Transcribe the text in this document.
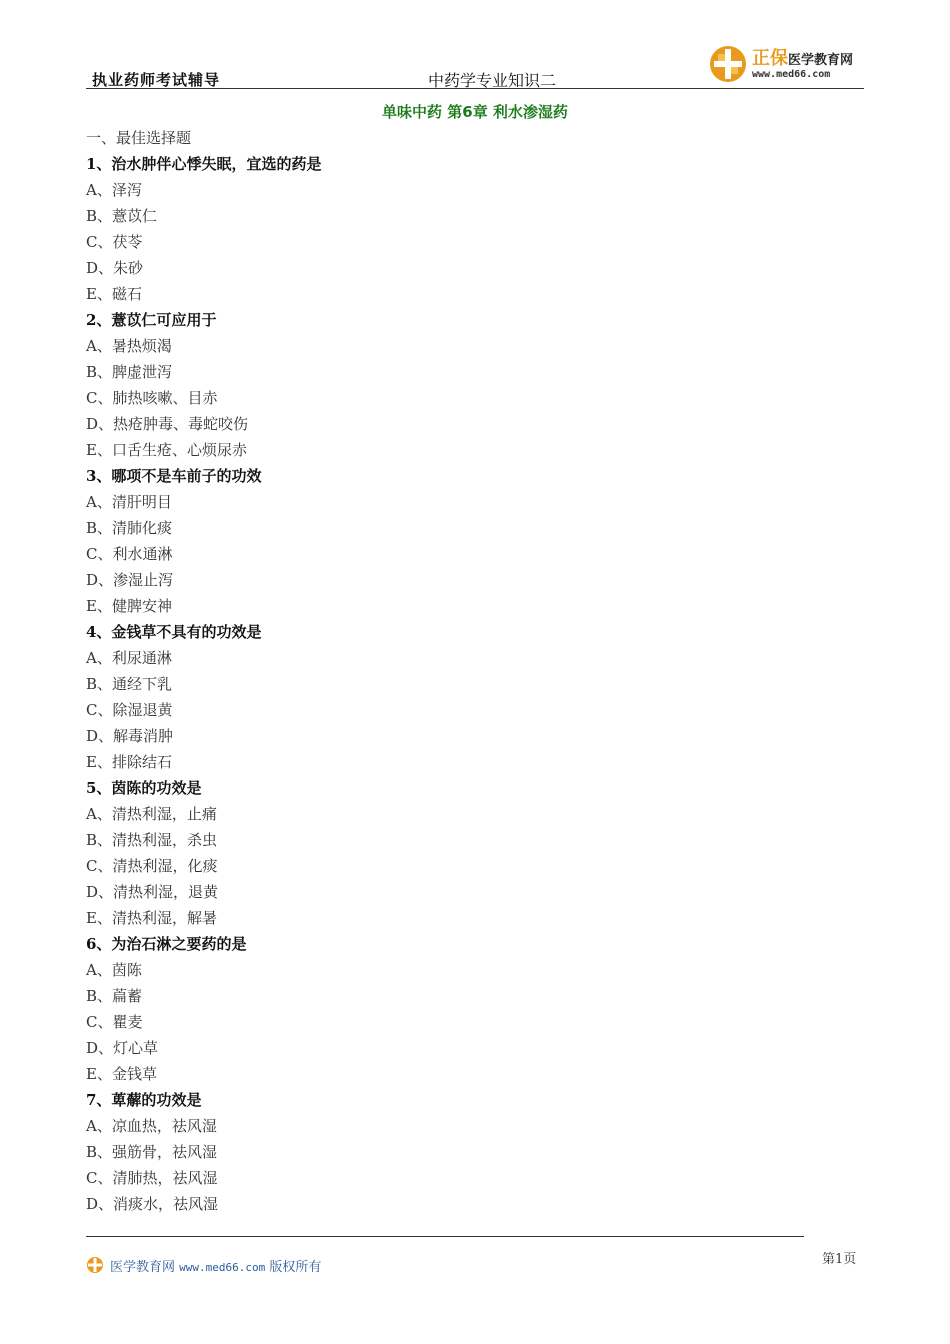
执业药师考试辅导	中药学专业知识二
正保医学教育网
www.med66.com
单味中药 第6章 利水渗湿药
一、最佳选择题
1、治水肿伴心悸失眠，宜选的药是
A、泽泻
B、薏苡仁
C、茯苓
D、朱砂
E、磁石
2、薏苡仁可应用于
A、暑热烦渴
B、脾虚泄泻
C、肺热咳嗽、目赤
D、热疮肿毒、毒蛇咬伤
E、口舌生疮、心烦尿赤
3、哪项不是车前子的功效
A、清肝明目
B、清肺化痰
C、利水通淋
D、渗湿止泻
E、健脾安神
4、金钱草不具有的功效是
A、利尿通淋
B、通经下乳
C、除湿退黄
D、解毒消肿
E、排除结石
5、茵陈的功效是
A、清热利湿，止痛
B、清热利湿，杀虫
C、清热利湿，化痰
D、清热利湿，退黄
E、清热利湿，解暑
6、为治石淋之要药的是
A、茵陈
B、萹蓄
C、瞿麦
D、灯心草
E、金钱草
7、萆薢的功效是
A、凉血热，祛风湿
B、强筋骨，祛风湿
C、清肺热，祛风湿
D、消痰水，祛风湿
医学教育网 www.med66.com 版权所有
第1页
